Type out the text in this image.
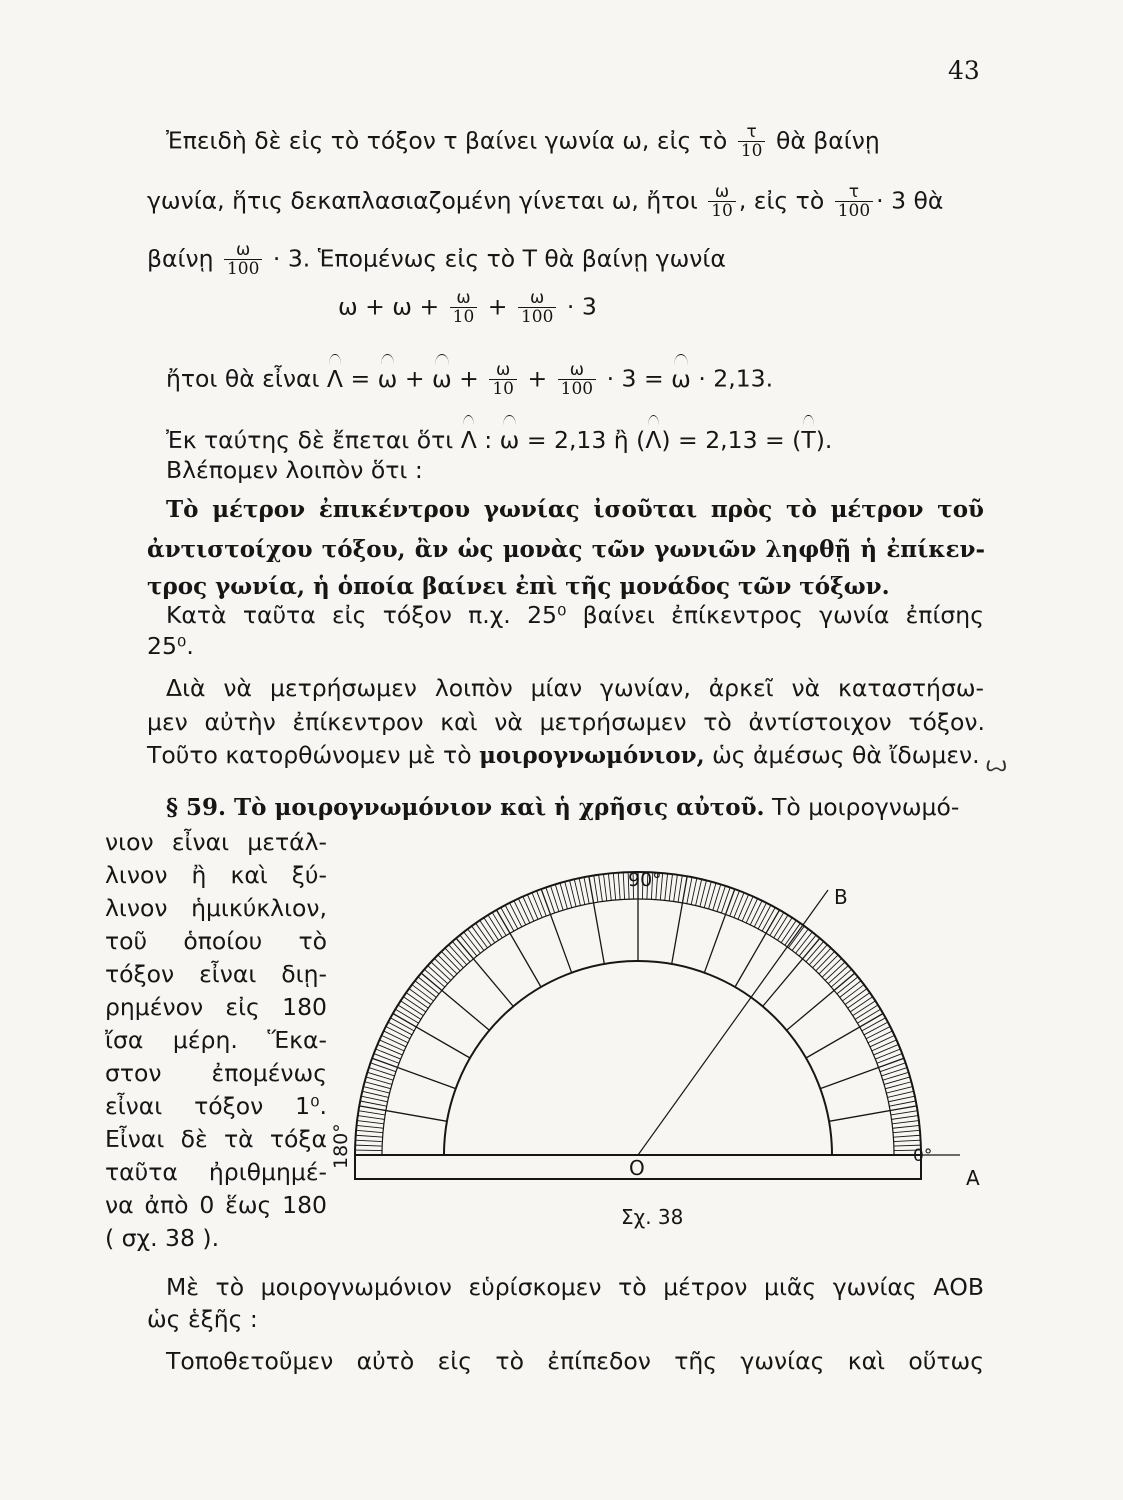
43
Ἐπειδὴ δὲ εἰς τὸ τόξον τ βαίνει γωνία ω, εἰς τὸ $\frac{\tau}{10}$ θὰ βαίνῃ
γωνία, ἥτις δεκαπλασιαζομένη γίνεται ω, ἤτοι $\frac{\omega}{10}$ , εἰς τὸ $\frac{\tau}{100} \cdot 3$ θὰ
βαίνῃ $\frac{\omega}{100} \cdot 3$. Ἑπομένως εἰς τὸ Τ θὰ βαίνῃ γωνία
$\omega + \omega + \frac{\omega}{10} + \frac{\omega}{100} \cdot 3$
ἤτοι θὰ εἶναι $\Lambda = \omega + \omega + \frac{\omega}{10} + \frac{\omega}{100} \cdot 3 = \omega \cdot 2,13$.
Ἐκ ταύτης δὲ ἔπεται ὅτι Λ : ω = 2,13 ἢ (Λ) = 2,13 = (Τ).
Βλέπομεν λοιπὸν ὅτι :
Τὸ μέτρον ἐπικέντρου γωνίας ἰσοῦται πρὸς τὸ μέτρον τοῦ
ἀντιστοίχου τόξου, ἂν ὡς μονὰς τῶν γωνιῶν ληφθῇ ἡ ἐπίκεν-
τρος γωνία, ἡ ὁποία βαίνει ἐπὶ τῆς μονάδος τῶν τόξων.
Κατὰ ταῦτα εἰς τόξον π.χ. 25⁰ βαίνει ἐπίκεντρος γωνία ἐπίσης
25⁰.
Διὰ νὰ μετρήσωμεν λοιπὸν μίαν γωνίαν, ἀρκεῖ νὰ καταστήσω-
μεν αὐτὴν ἐπίκεντρον καὶ νὰ μετρήσωμεν τὸ ἀντίστοιχον τόξον.
Τοῦτο κατορθώνομεν μὲ τὸ μοιρογνωμόνιον, ὡς ἀμέσως θὰ ἴδωμεν. ꙍ
§ 59. Τὸ μοιρογνωμόνιον καὶ ἡ χρῆσις αὐτοῦ. Τὸ μοιρογνωμό-
νιον εἶναι μετάλ-
λινον ἢ καὶ ξύ-
λινον ἡμικύκλιον,
τοῦ ὁποίου τὸ
τόξον εἶναι διῃ-
ρημένον εἰς 180
ἴσα μέρη. Ἕκα-
στον ἐπομένως
εἶναι τόξον 1⁰.
Εἶναι δὲ τὰ τόξα
ταῦτα ἠριθμημέ-
να ἀπὸ 0 ἕως 180
( σχ. 38 ).
90°
Β
O	0°
Α
180°
Σχ. 38
Μὲ τὸ μοιρογνωμόνιον εὑρίσκομεν τὸ μέτρον μιᾶς γωνίας ΑΟΒ
ὡς ἑξῆς :
Τοποθετοῦμεν αὐτὸ εἰς τὸ ἐπίπεδον τῆς γωνίας καὶ οὕτως
